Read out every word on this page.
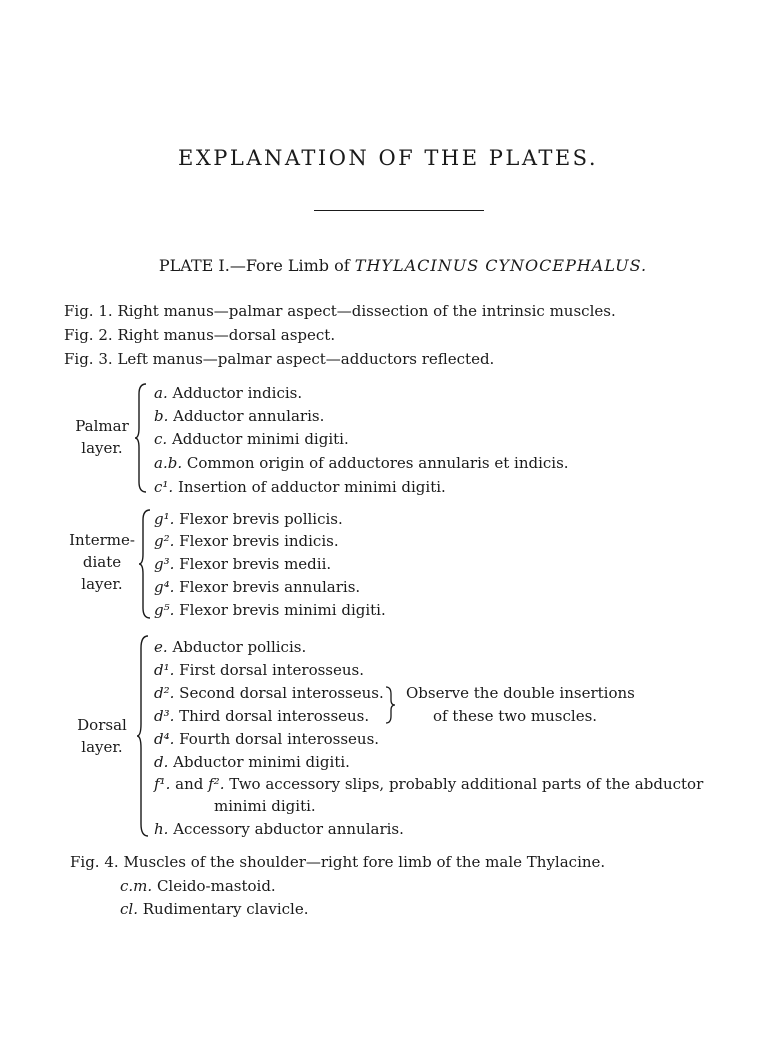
EXPLANATION OF THE PLATES.
PLATE I.—Fore Limb of THYLACINUS CYNOCEPHALUS.
Fig. 1. Right manus—palmar aspect—dissection of the intrinsic muscles.
Fig. 2. Right manus—dorsal aspect.
Fig. 3. Left manus—palmar aspect—adductors reflected.
Palmar layer.
a. Adductor indicis.
b. Adductor annularis.
c. Adductor minimi digiti.
a.b. Common origin of adductores annularis et indicis.
c¹. Insertion of adductor minimi digiti.
Interme- diate layer.
g¹. Flexor brevis pollicis.
g². Flexor brevis indicis.
g³. Flexor brevis medii.
g⁴. Flexor brevis annularis.
g⁵. Flexor brevis minimi digiti.
Dorsal layer.
e. Abductor pollicis.
d¹. First dorsal interosseus.
d². Second dorsal interosseus.
d³. Third dorsal interosseus.
Observe the double insertions
of these two muscles.
d⁴. Fourth dorsal interosseus.
d. Abductor minimi digiti.
f¹. and f². Two accessory slips, probably additional parts of the abductor
minimi digiti.
h. Accessory abductor annularis.
Fig. 4. Muscles of the shoulder—right fore limb of the male Thylacine.
c.m. Cleido-mastoid.
cl. Rudimentary clavicle.
